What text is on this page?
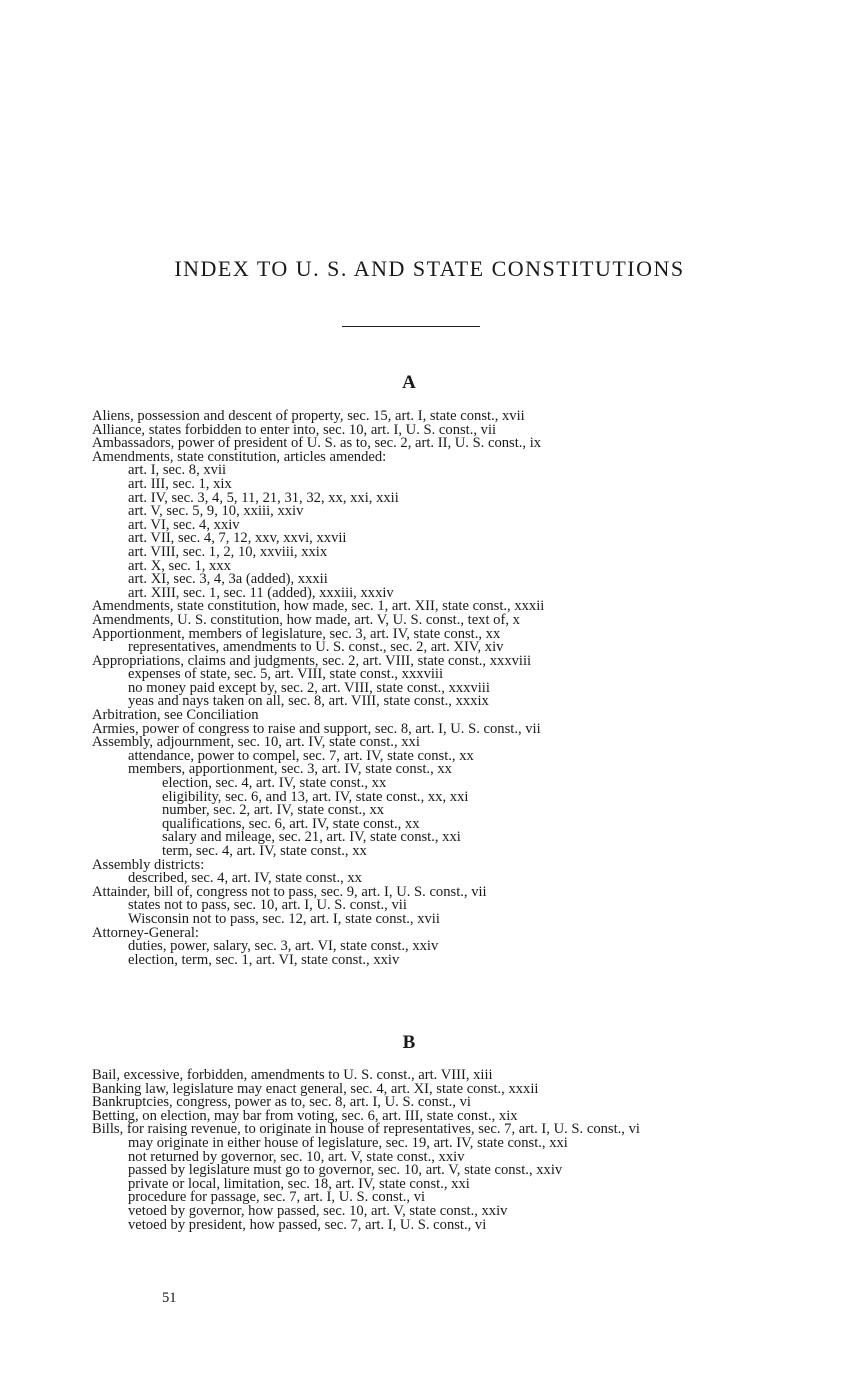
INDEX TO U. S. AND STATE CONSTITUTIONS
A
Aliens, possession and descent of property, sec. 15, art. I, state const., xvii
Alliance, states forbidden to enter into, sec. 10, art. I, U. S. const., vii
Ambassadors, power of president of U. S. as to, sec. 2, art. II, U. S. const., ix
Amendments, state constitution, articles amended:
art. I, sec. 8, xvii
art. III, sec. 1, xix
art. IV, sec. 3, 4, 5, 11, 21, 31, 32, xx, xxi, xxii
art. V, sec. 5, 9, 10, xxiii, xxiv
art. VI, sec. 4, xxiv
art. VII, sec. 4, 7, 12, xxv, xxvi, xxvii
art. VIII, sec. 1, 2, 10, xxviii, xxix
art. X, sec. 1, xxx
art. XI, sec. 3, 4, 3a (added), xxxii
art. XIII, sec. 1, sec. 11 (added), xxxiii, xxxiv
Amendments, state constitution, how made, sec. 1, art. XII, state const., xxxii
Amendments, U. S. constitution, how made, art. V, U. S. const., text of, x
Apportionment, members of legislature, sec. 3, art. IV, state const., xx
representatives, amendments to U. S. const., sec. 2, art. XIV, xiv
Appropriations, claims and judgments, sec. 2, art. VIII, state const., xxxviii
expenses of state, sec. 5, art. VIII, state const., xxxviii
no money paid except by, sec. 2, art. VIII, state const., xxxviii
yeas and nays taken on all, sec. 8, art. VIII, state const., xxxix
Arbitration, see Conciliation
Armies, power of congress to raise and support, sec. 8, art. I, U. S. const., vii
Assembly, adjournment, sec. 10, art. IV, state const., xxi
attendance, power to compel, sec. 7, art. IV, state const., xx
members, apportionment, sec. 3, art. IV, state const., xx
election, sec. 4, art. IV, state const., xx
eligibility, sec. 6, and 13, art. IV, state const., xx, xxi
number, sec. 2, art. IV, state const., xx
qualifications, sec. 6, art. IV, state const., xx
salary and mileage, sec. 21, art. IV, state const., xxi
term, sec. 4, art. IV, state const., xx
Assembly districts:
described, sec. 4, art. IV, state const., xx
Attainder, bill of, congress not to pass, sec. 9, art. I, U. S. const., vii
states not to pass, sec. 10, art. I, U. S. const., vii
Wisconsin not to pass, sec. 12, art. I, state const., xvii
Attorney-General:
duties, power, salary, sec. 3, art. VI, state const., xxiv
election, term, sec. 1, art. VI, state const., xxiv
B
Bail, excessive, forbidden, amendments to U. S. const., art. VIII, xiii
Banking law, legislature may enact general, sec. 4, art. XI, state const., xxxii
Bankruptcies, congress, power as to, sec. 8, art. I, U. S. const., vi
Betting, on election, may bar from voting, sec. 6, art. III, state const., xix
Bills, for raising revenue, to originate in house of representatives, sec. 7, art. I, U. S. const., vi
may originate in either house of legislature, sec. 19, art. IV, state const., xxi
not returned by governor, sec. 10, art. V, state const., xxiv
passed by legislature must go to governor, sec. 10, art. V, state const., xxiv
private or local, limitation, sec. 18, art. IV, state const., xxi
procedure for passage, sec. 7, art. I, U. S. const., vi
vetoed by governor, how passed, sec. 10, art. V, state const., xxiv
vetoed by president, how passed, sec. 7, art. I, U. S. const., vi
51
